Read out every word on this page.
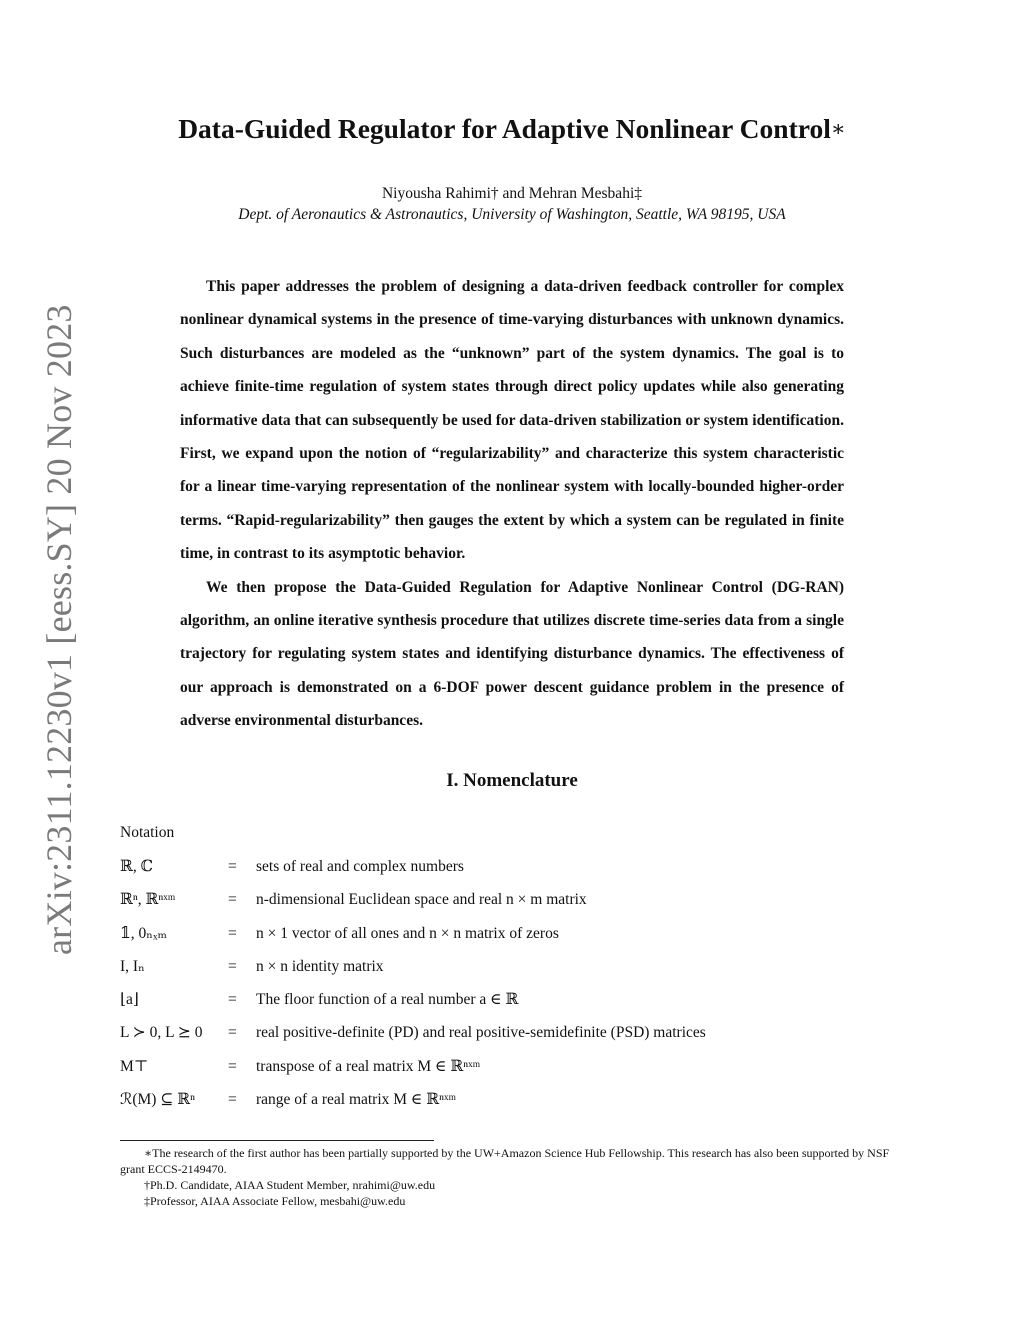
arXiv:2311.12230v1 [eess.SY] 20 Nov 2023
Data-Guided Regulator for Adaptive Nonlinear Control∗
Niyousha Rahimi† and Mehran Mesbahi‡
Dept. of Aeronautics & Astronautics, University of Washington, Seattle, WA 98195, USA

This paper addresses the problem of designing a data-driven feedback controller for complex nonlinear dynamical systems in the presence of time-varying disturbances with unknown dynamics. Such disturbances are modeled as the “unknown” part of the system dynamics. The goal is to achieve finite-time regulation of system states through direct policy updates while also generating informative data that can subsequently be used for data-driven stabilization or system identification. First, we expand upon the notion of “regularizability” and characterize this system characteristic for a linear time-varying representation of the nonlinear system with locally-bounded higher-order terms. “Rapid-regularizability” then gauges the extent by which a system can be regulated in finite time, in contrast to its asymptotic behavior.

We then propose the Data-Guided Regulation for Adaptive Nonlinear Control (DG-RAN) algorithm, an online iterative synthesis procedure that utilizes discrete time-series data from a single trajectory for regulating system states and identifying disturbance dynamics. The effectiveness of our approach is demonstrated on a 6-DOF power descent guidance problem in the presence of adverse environmental disturbances.

I. Nomenclature
Notation
ℝ, ℂ	= sets of real and complex numbers
ℝⁿ, ℝⁿˣᵐ	= n-dimensional Euclidean space and real n × m matrix
𝟙, 0ₙₓₘ	= n × 1 vector of all ones and n × n matrix of zeros
I, Iₙ	= n × n identity matrix
⌊a⌋	= The floor function of a real number a ∈ ℝ
L ≻ 0, L ⪰ 0 = real positive-definite (PD) and real positive-semidefinite (PSD) matrices
M⊤	= transpose of a real matrix M ∈ ℝⁿˣᵐ
ℛ(M) ⊆ ℝⁿ = range of a real matrix M ∈ ℝⁿˣᵐ

∗The research of the first author has been partially supported by the UW+Amazon Science Hub Fellowship. This research has also been supported by NSF grant ECCS-2149470.

†Ph.D. Candidate, AIAA Student Member, nrahimi@uw.edu

‡Professor, AIAA Associate Fellow, mesbahi@uw.edu
